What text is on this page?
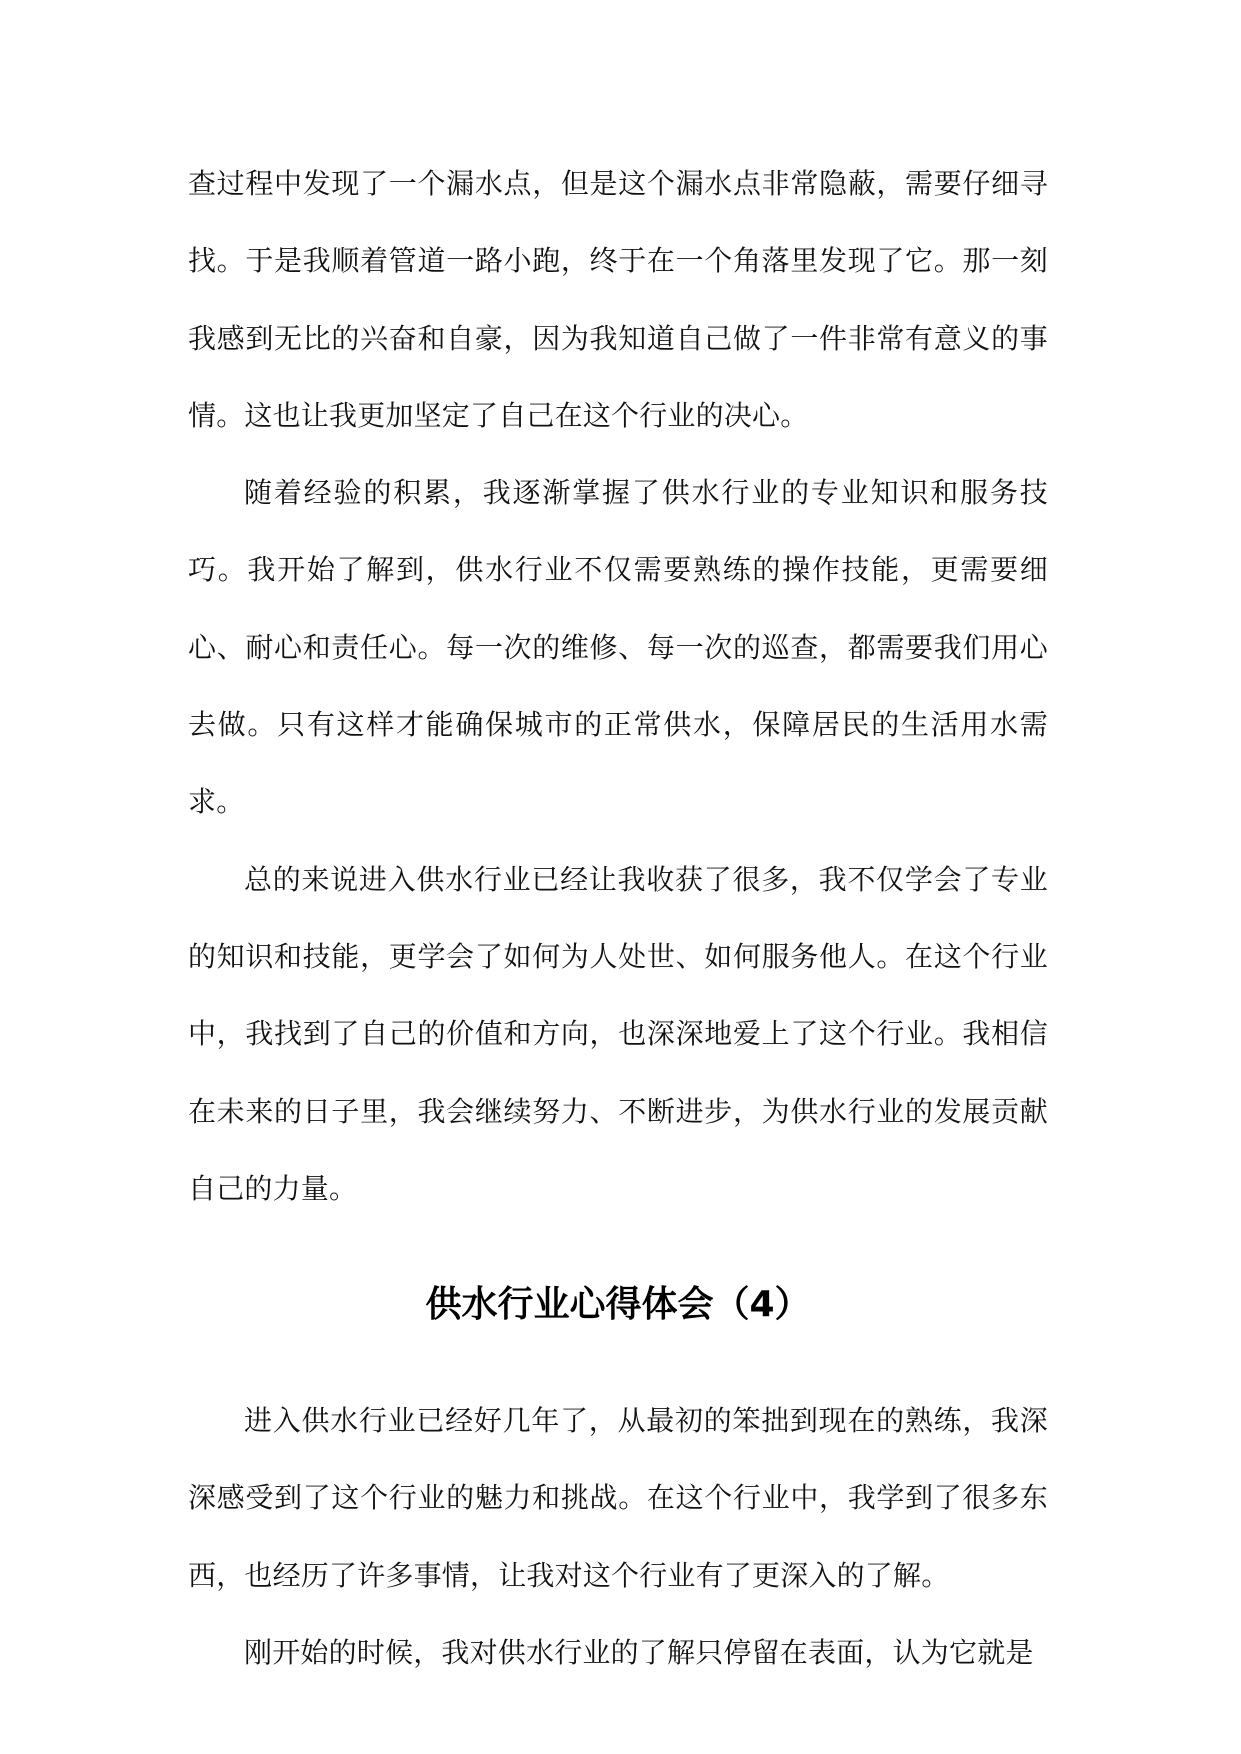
查过程中发现了一个漏水点，但是这个漏水点非常隐蔽，需要仔细寻找。于是我顺着管道一路小跑，终于在一个角落里发现了它。那一刻我感到无比的兴奋和自豪，因为我知道自己做了一件非常有意义的事情。这也让我更加坚定了自己在这个行业的决心。

随着经验的积累，我逐渐掌握了供水行业的专业知识和服务技巧。我开始了解到，供水行业不仅需要熟练的操作技能，更需要细心、耐心和责任心。每一次的维修、每一次的巡查，都需要我们用心去做。只有这样才能确保城市的正常供水，保障居民的生活用水需求。

总的来说进入供水行业已经让我收获了很多，我不仅学会了专业的知识和技能，更学会了如何为人处世、如何服务他人。在这个行业中，我找到了自己的价值和方向，也深深地爱上了这个行业。我相信在未来的日子里，我会继续努力、不断进步，为供水行业的发展贡献自己的力量。

供水行业心得体会（4）

进入供水行业已经好几年了，从最初的笨拙到现在的熟练，我深深感受到了这个行业的魅力和挑战。在这个行业中，我学到了很多东西，也经历了许多事情，让我对这个行业有了更深入的了解。

刚开始的时候，我对供水行业的了解只停留在表面，认为它就是
